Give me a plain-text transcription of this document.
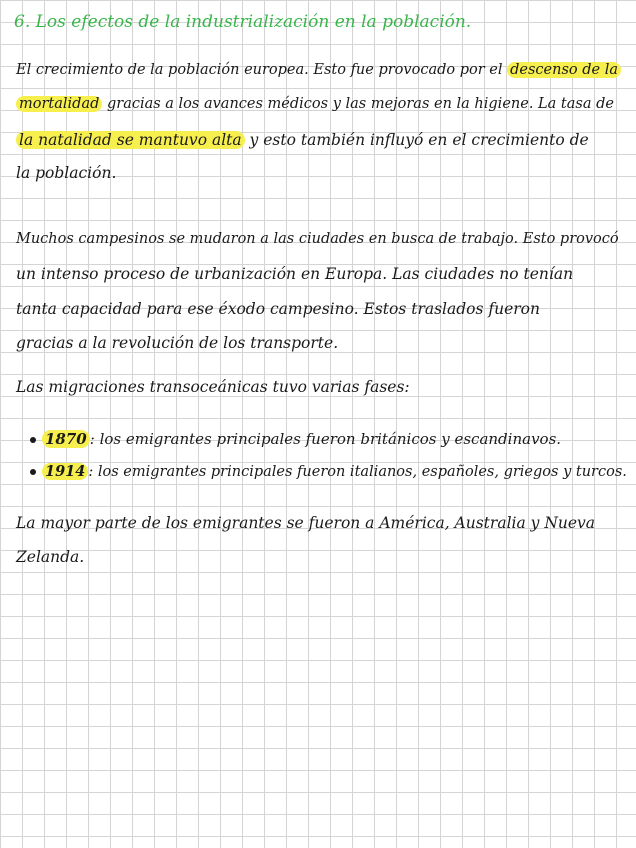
6. Los efectos de la industrialización en la población.
El crecimiento de la población europea. Esto fue provocado por el descenso de la
mortalidad gracias a los avances médicos y las mejoras en la higiene. La tasa de
la natalidad se mantuvo alta y esto también influyó en el crecimiento de
la población.
Muchos campesinos se mudaron a las ciudades en busca de trabajo. Esto provocó
un intenso proceso de urbanización en Europa. Las ciudades no tenían
tanta capacidad para ese éxodo campesino. Estos traslados fueron
gracias a la revolución de los transporte.
Las migraciones transoceánicas tuvo varias fases:
1870 : los emigrantes principales fueron británicos y escandinavos.
1914 : los emigrantes principales fueron italianos, españoles, griegos y turcos.
La mayor parte de los emigrantes se fueron a América, Australia y Nueva
Zelanda.
